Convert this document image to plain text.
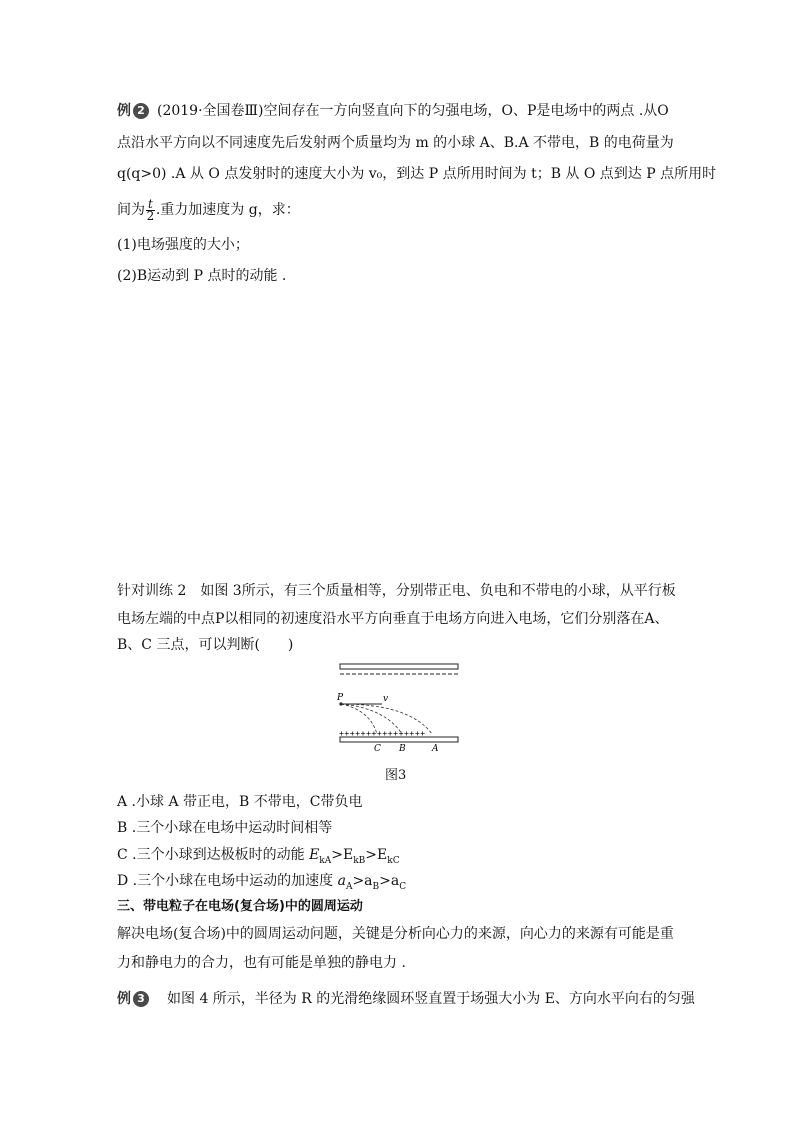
例 2 (2019·全国卷Ⅲ)空间存在一方向竖直向下的匀强电场，O、P是电场中的两点 .从O
点沿水平方向以不同速度先后发射两个质量均为 m 的小球 A、B.A 不带电，B 的电荷量为
q(q>0) .A 从 O 点发射时的速度大小为 v₀，到达 P 点所用时间为 t；B 从 O 点到达 P 点所用时
间为 $\frac{t}{2}$ .重力加速度为 g，求：
(1)电场强度的大小；
(2)B运动到 P 点时的动能 .
针对训练 2　如图 3所示，有三个质量相等，分别带正电、负电和不带电的小球，从平行板
电场左端的中点P以相同的初速度沿水平方向垂直于电场方向进入电场，它们分别落在A、
B、C 三点，可以判断(　　)
P	v
++++++++++++++++
C B	A
图3
A .小球 A 带正电，B 不带电，C带负电
B .三个小球在电场中运动时间相等
C .三个小球到达极板时的动能 $E_{kA}>E_{kB}>E_{kC}$
D .三个小球在电场中运动的加速度 $a_A>a_B>a_C$
三、带电粒子在电场(复合场)中的圆周运动
解决电场(复合场)中的圆周运动问题，关键是分析向心力的来源，向心力的来源有可能是重
力和静电力的合力，也有可能是单独的静电力 .
例 3 如图 4 所示，半径为 R 的光滑绝缘圆环竖直置于场强大小为 E、方向水平向右的匀强
